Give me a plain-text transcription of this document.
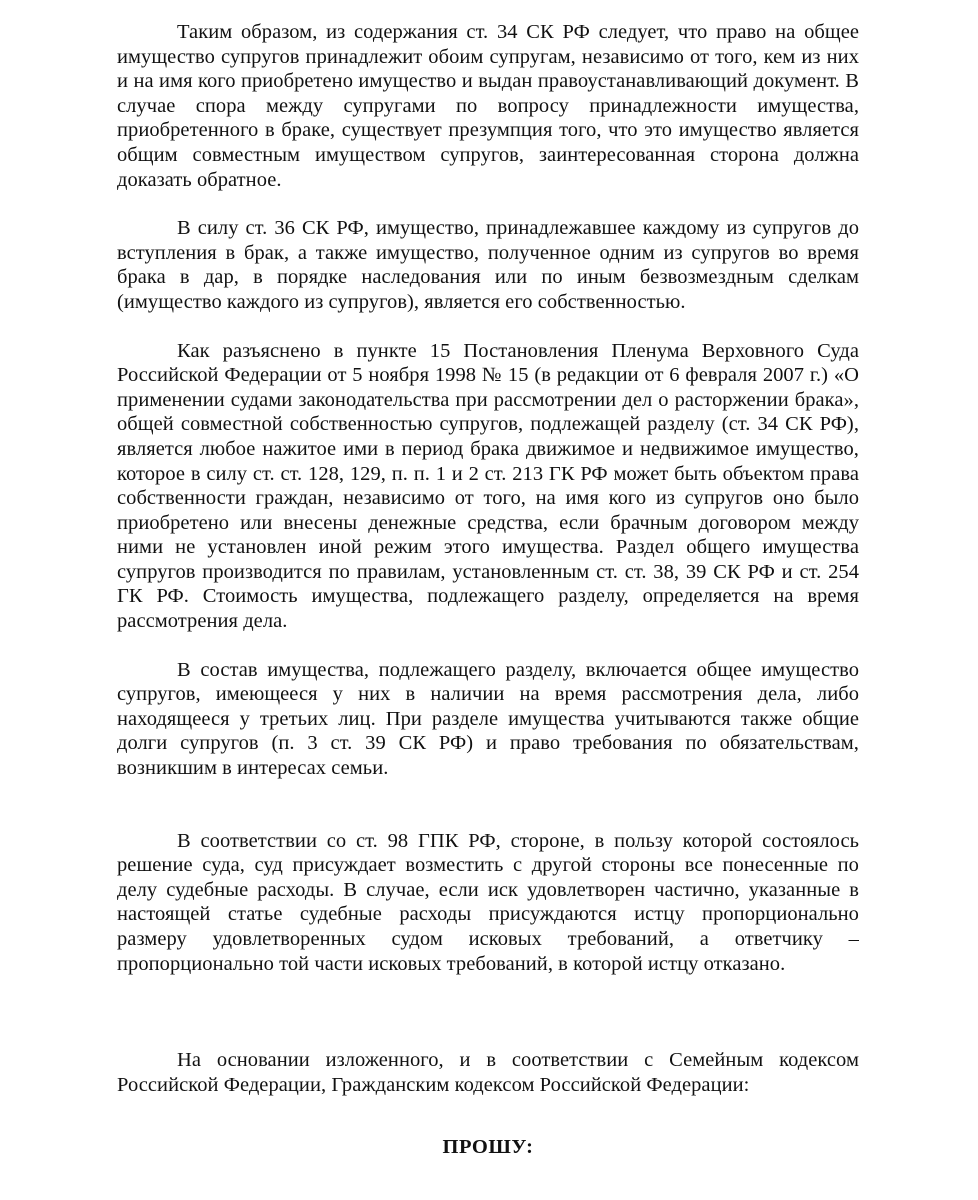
Таким образом, из содержания ст. 34 СК РФ следует, что право на общее имущество супругов принадлежит обоим супругам, независимо от того, кем из них и на имя кого приобретено имущество и выдан правоустанавливающий документ. В случае спора между супругами по вопросу принадлежности имущества, приобретенного в браке, существует презумпция того, что это имущество является общим совместным имуществом супругов, заинтересованная сторона должна доказать обратное.

В силу ст. 36 СК РФ, имущество, принадлежавшее каждому из супругов до вступления в брак, а также имущество, полученное одним из супругов во время брака в дар, в порядке наследования или по иным безвозмездным сделкам (имущество каждого из супругов), является его собственностью.

Как разъяснено в пункте 15 Постановления Пленума Верховного Суда Российской Федерации от 5 ноября 1998 № 15 (в редакции от 6 февраля 2007 г.) «О применении судами законодательства при рассмотрении дел о расторжении брака», общей совместной собственностью супругов, подлежащей разделу (ст. 34 СК РФ), является любое нажитое ими в период брака движимое и недвижимое имущество, которое в силу ст. ст. 128, 129, п. п. 1 и 2 ст. 213 ГК РФ может быть объектом права собственности граждан, независимо от того, на имя кого из супругов оно было приобретено или внесены денежные средства, если брачным договором между ними не установлен иной режим этого имущества. Раздел общего имущества супругов производится по правилам, установленным ст. ст. 38, 39 СК РФ и ст. 254 ГК РФ. Стоимость имущества, подлежащего разделу, определяется на время рассмотрения дела.

В состав имущества, подлежащего разделу, включается общее имущество супругов, имеющееся у них в наличии на время рассмотрения дела, либо находящееся у третьих лиц. При разделе имущества учитываются также общие долги супругов (п. 3 ст. 39 СК РФ) и право требования по обязательствам, возникшим в интересах семьи.

В соответствии со ст. 98 ГПК РФ, стороне, в пользу которой состоялось решение суда, суд присуждает возместить с другой стороны все понесенные по делу судебные расходы. В случае, если иск удовлетворен частично, указанные в настоящей статье судебные расходы присуждаются истцу пропорционально размеру удовлетворенных судом исковых требований, а ответчику – пропорционально той части исковых требований, в которой истцу отказано.

На основании изложенного, и в соответствии с Семейным кодексом Российской Федерации, Гражданским кодексом Российской Федерации:

ПРОШУ:
